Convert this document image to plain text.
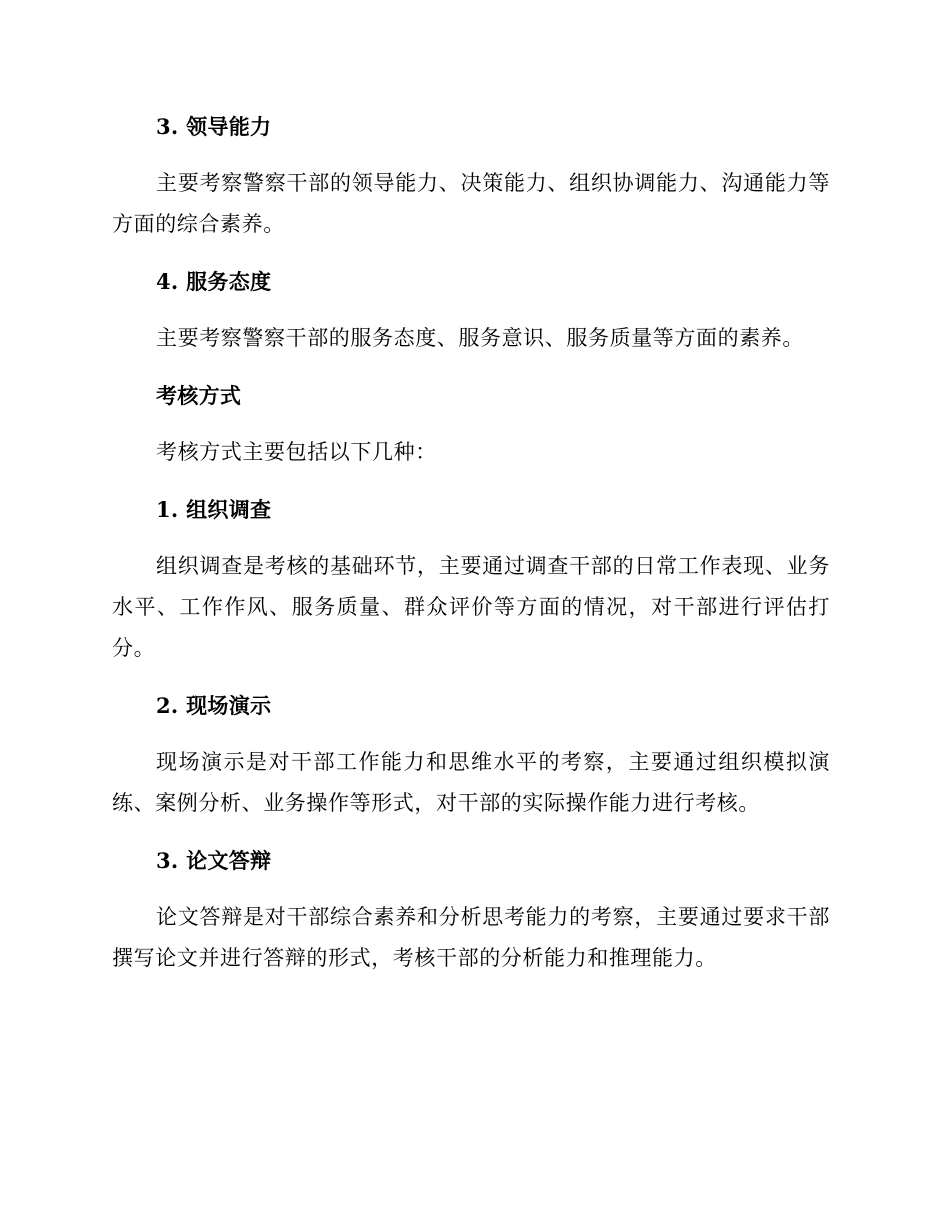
3. 领导能力

主要考察警察干部的领导能力、决策能力、组织协调能力、沟通能力等方面的综合素养。

4. 服务态度

主要考察警察干部的服务态度、服务意识、服务质量等方面的素养。

考核方式

考核方式主要包括以下几种：

1. 组织调查

组织调查是考核的基础环节，主要通过调查干部的日常工作表现、业务水平、工作作风、服务质量、群众评价等方面的情况，对干部进行评估打分。

2. 现场演示

现场演示是对干部工作能力和思维水平的考察，主要通过组织模拟演练、案例分析、业务操作等形式，对干部的实际操作能力进行考核。

3. 论文答辩

论文答辩是对干部综合素养和分析思考能力的考察，主要通过要求干部撰写论文并进行答辩的形式，考核干部的分析能力和推理能力。
